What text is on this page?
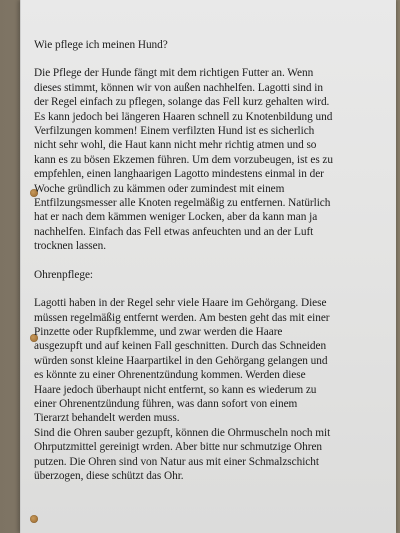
Wie pflege ich meinen Hund?

Die Pflege der Hunde fängt mit dem richtigen Futter an. Wenn
dieses stimmt, können wir von außen nachhelfen. Lagotti sind in
der Regel einfach zu pflegen, solange das Fell kurz gehalten wird.
Es kann jedoch bei längeren Haaren schnell zu Knotenbildung und
Verfilzungen kommen! Einem verfilzten Hund ist es sicherlich
nicht sehr wohl, die Haut kann nicht mehr richtig atmen und so
kann es zu bösen Ekzemen führen. Um dem vorzubeugen, ist es zu
empfehlen, einen langhaarigen Lagotto mindestens einmal in der
Woche gründlich zu kämmen oder zumindest mit einem
Entfilzungsmesser alle Knoten regelmäßig zu entfernen. Natürlich
hat er nach dem kämmen weniger Locken, aber da kann man ja
nachhelfen. Einfach das Fell etwas anfeuchten und an der Luft
trocknen lassen.

Ohrenpflege:

Lagotti haben in der Regel sehr viele Haare im Gehörgang. Diese
müssen regelmäßig entfernt werden. Am besten geht das mit einer
Pinzette oder Rupfklemme, und zwar werden die Haare
ausgezupft und auf keinen Fall geschnitten. Durch das Schneiden
würden sonst kleine Haarpartikel in den Gehörgang gelangen und
es könnte zu einer Ohrenentzündung kommen. Werden diese
Haare jedoch überhaupt nicht entfernt, so kann es wiederum zu
einer Ohrenentzündung führen, was dann sofort von einem
Tierarzt behandelt werden muss.
Sind die Ohren sauber gezupft, können die Ohrmuscheln noch mit
Ohrputzmittel gereinigt wrden. Aber bitte nur schmutzige Ohren
putzen. Die Ohren sind von Natur aus mit einer Schmalzschicht
überzogen, diese schützt das Ohr.
